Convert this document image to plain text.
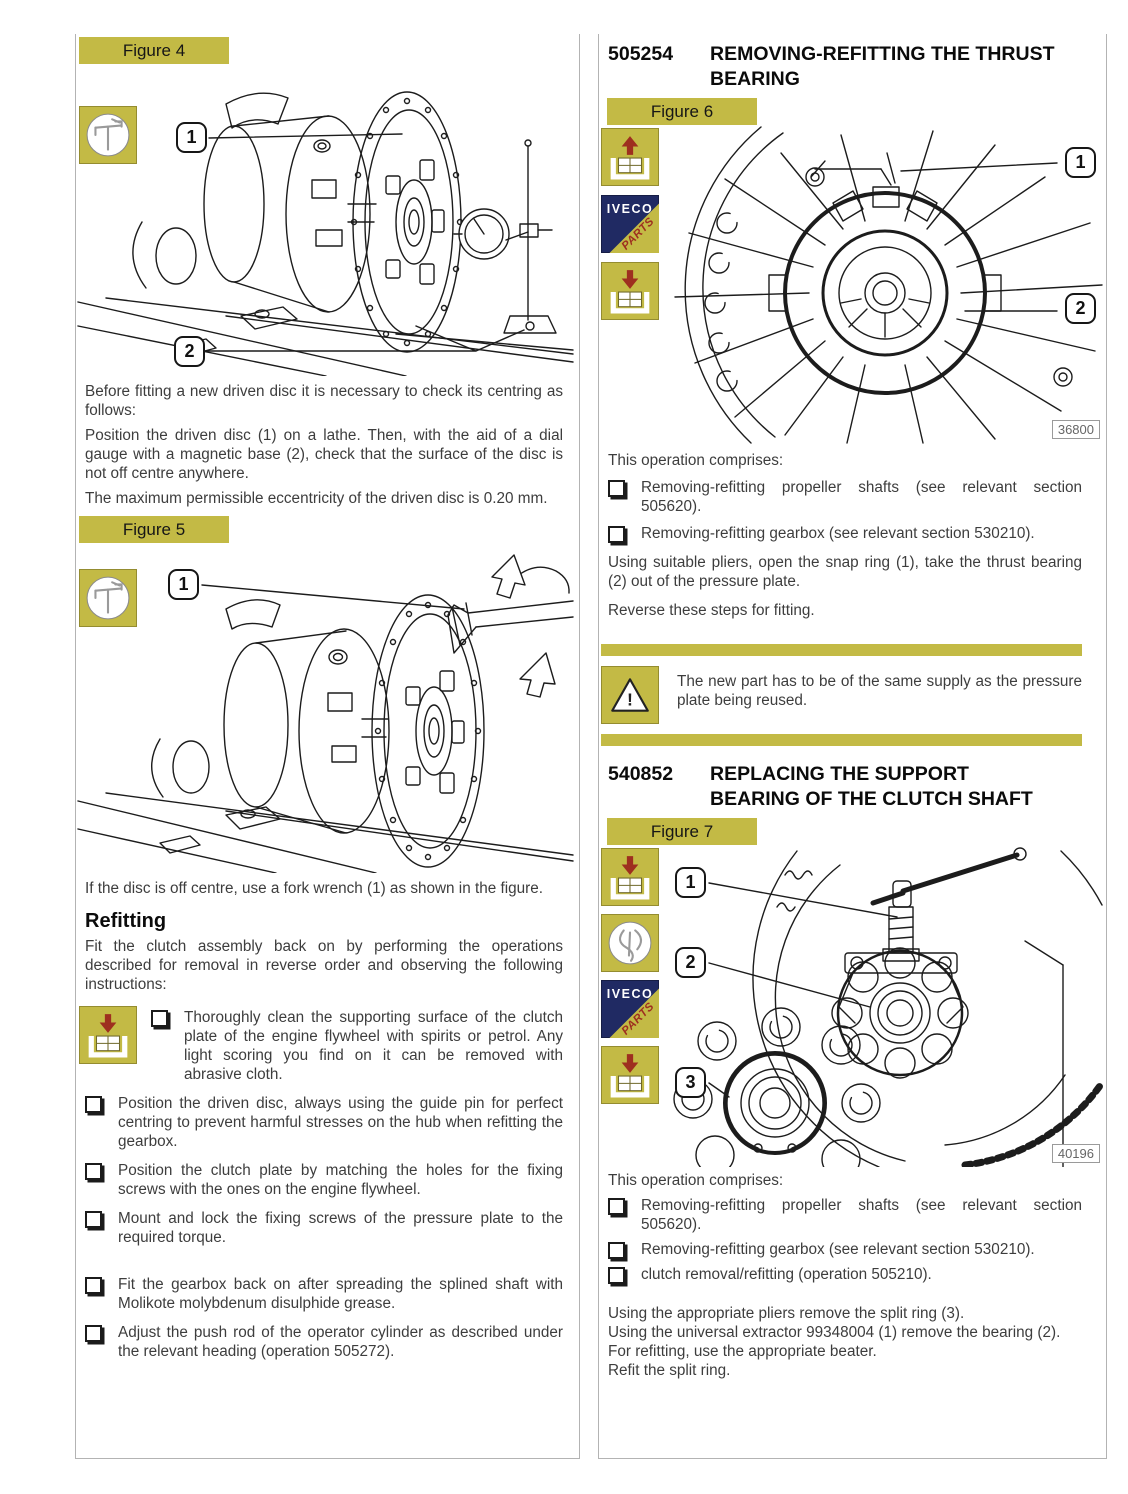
Figure 4
1
2
Before fitting a new driven disc it is necessary to check its centring as follows:
Position the driven disc (1) on a lathe. Then, with the aid of a dial gauge with a magnetic base (2), check that the surface of the disc is not off centre anywhere.
The maximum permissible eccentricity of the driven disc is 0.20 mm.
Figure 5
1
If the disc is off centre, use a fork wrench (1) as shown in the figure.
Refitting
Fit the clutch assembly back on by performing the operations described for removal in reverse order and observing the following instructions:
Thoroughly clean the supporting surface of the clutch plate of the engine flywheel with spirits or petrol. Any light scoring you find on it can be removed with abrasive cloth.
Position the driven disc, always using the guide pin for perfect centring to prevent harmful stresses on the hub when refitting the gearbox.
Position the clutch plate by matching the holes for the fixing screws with the ones on the engine flywheel.
Mount and lock the fixing screws of the pressure plate to the required torque.
Fit the gearbox back on after spreading the splined shaft with Molikote molybdenum disulphide grease.
Adjust the push rod of the operator cylinder as described under the relevant heading (operation 505272).
505254	REMOVING-REFITTING THE THRUST BEARING
Figure 6
IVECO
PARTS
1
2
36800
This operation comprises:
Removing-refitting propeller shafts (see relevant section 505620).
Removing-refitting gearbox (see relevant section 530210).
Using suitable pliers, open the snap ring (1), take the thrust bearing (2) out of the pressure plate.
Reverse these steps for fitting.
!
The new part has to be of the same supply as the pressure plate being reused.
540852	REPLACING THE SUPPORT BEARING OF THE CLUTCH SHAFT
Figure 7
IVECO
PARTS
1
2
3
40196
This operation comprises:
Removing-refitting propeller shafts (see relevant section 505620).
Removing-refitting gearbox (see relevant section 530210).
clutch removal/refitting (operation 505210).
Using the appropriate pliers remove the split ring (3).
Using the universal extractor 99348004 (1) remove the bearing (2).
For refitting, use the appropriate beater.
Refit the split ring.
